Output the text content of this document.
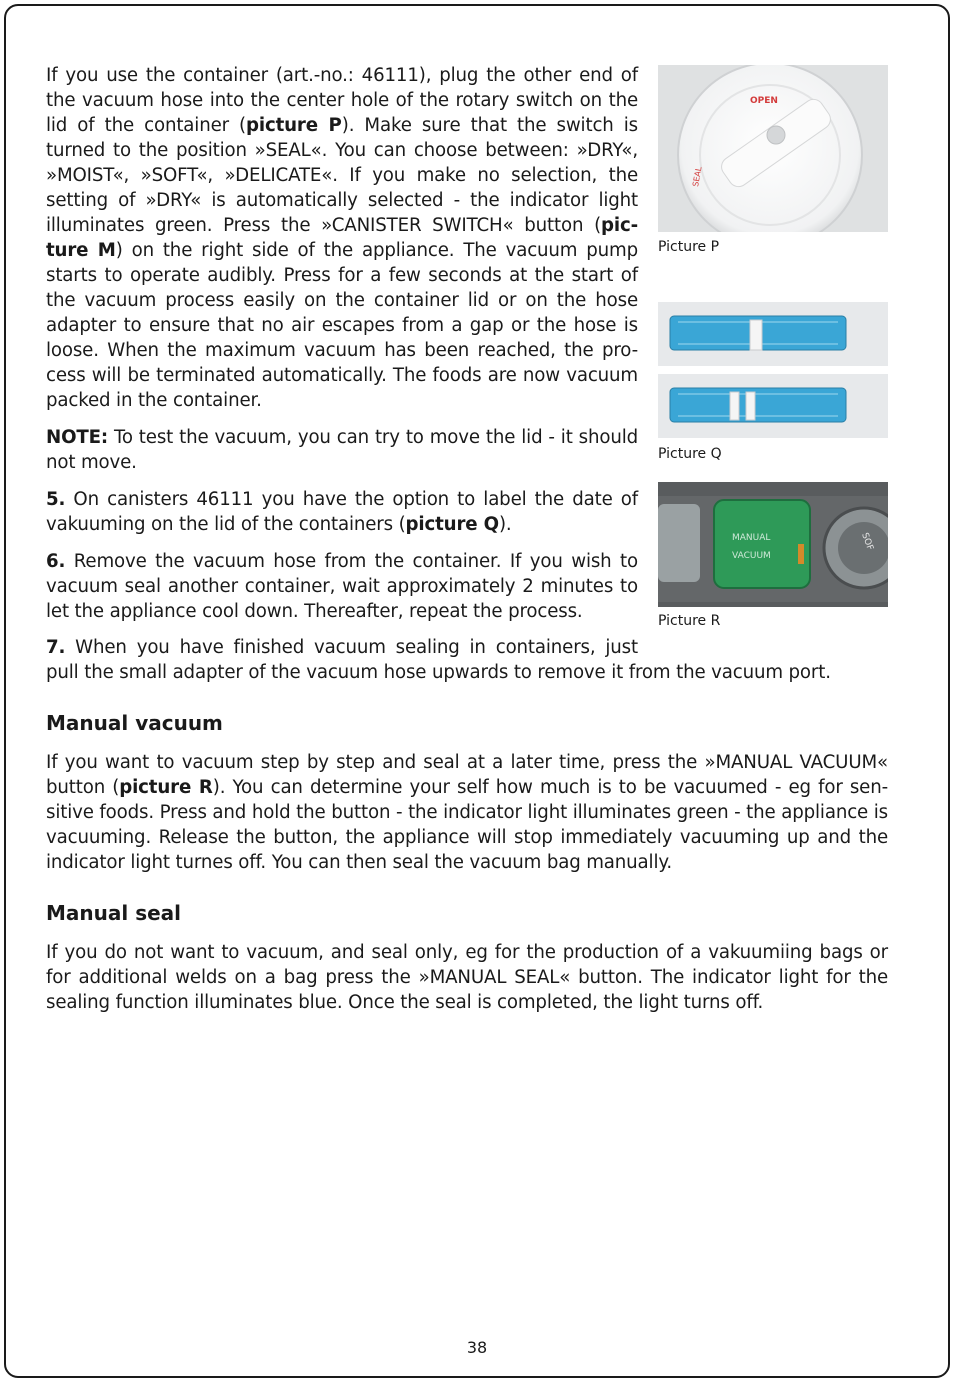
If you use the container (art.-no.: 46111), plug the other end of the vacuum hose into the center hole of the rotary switch on the lid of the container (picture P). Make sure that the switch is turned to the position »SEAL«. You can choose between: »DRY«, »MOIST«, »SOFT«, »DELICATE«. If you make no selection, the setting of »DRY« is automatically selected - the indicator light illuminates green. Press the »CANISTER SWITCH« button (pic-ture M) on the right side of the appliance. The vacuum pump starts to operate audibly. Press for a few seconds at the start of the vacuum process easily on the container lid or on the hose adapter to ensure that no air escapes from a gap or the hose is loose. When the maximum vacuum has been reached, the pro-cess will be terminated automatically. The foods are now vacuum packed in the container.

NOTE: To test the vacuum, you can try to move the lid - it should not move.

5. On canisters 46111 you have the option to label the date of vakuuming on the lid of the containers (picture Q).

6. Remove the vacuum hose from the container. If you wish to vacuum seal another container, wait approximately 2 minutes to let the appliance cool down. Thereafter, repeat the process.

7. When you have finished vacuum sealing in containers, just

pull the small adapter of the vacuum hose upwards to remove it from the vacuum port.

Manual vacuum

If you want to vacuum step by step and seal at a later time, press the »MANUAL VACUUM« button (picture R). You can determine your self how much is to be vacuumed - eg for sen-sitive foods. Press and hold the button - the indicator light illuminates green - the appliance is vacuuming. Release the button, the appliance will stop immediately vacuuming up and the indicator light turnes off. You can then seal the vacuum bag manually.

Manual seal

If you do not want to vacuum, and seal only, eg for the production of a vakuumiing bags or for additional welds on a bag press the »MANUAL SEAL« button. The indicator light for the sealing function illuminates blue. Once the seal is completed, the light turns off.

OPEN
SEAL
Picture P
Picture Q
MANUAL
VACUUM
SOF
Picture R
38
